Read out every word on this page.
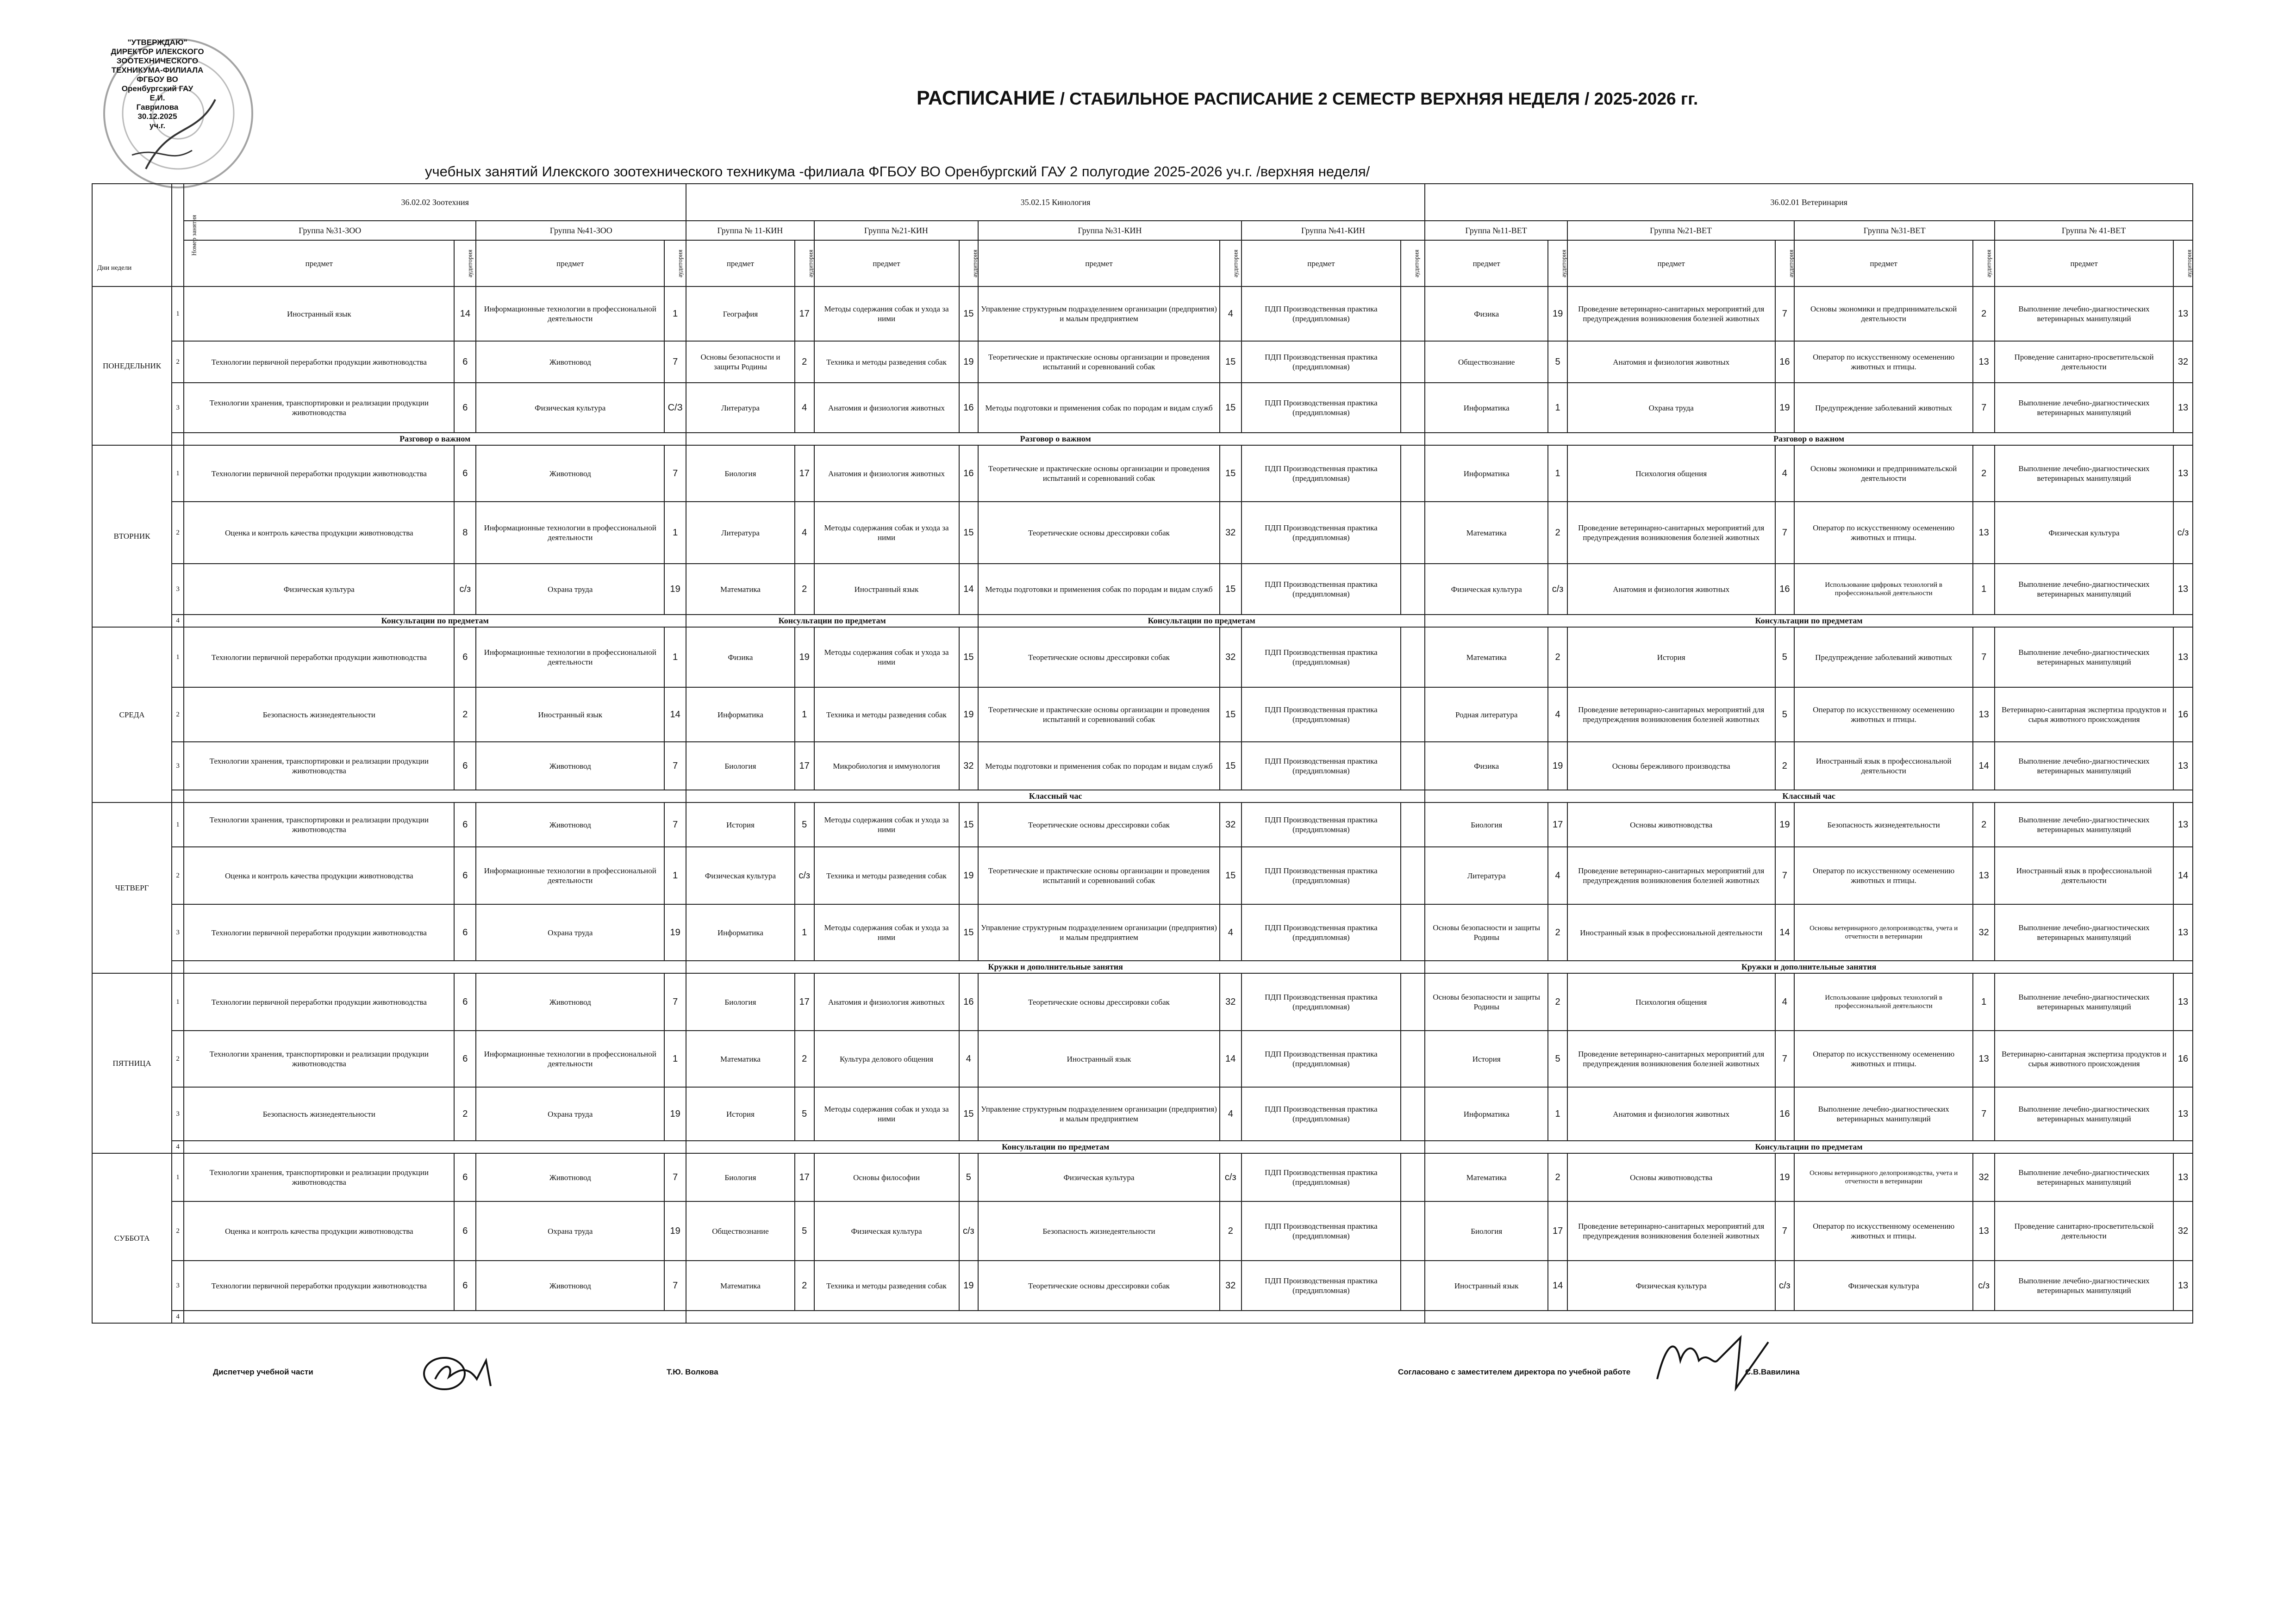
"УТВЕРЖДАЮ"
ДИРЕКТОР ИЛЕКСКОГО
ЗООТЕХНИЧЕСКОГО
ТЕХНИКУМА-ФИЛИАЛА
ФГБОУ ВО
Оренбургский ГАУ
Е.И.
Гаврилова
30.12.2025
уч.г.
РАСПИСАНИЕ / СТАБИЛЬНОЕ РАСПИСАНИЕ 2 СЕМЕСТР ВЕРХНЯЯ НЕДЕЛЯ / 2025-2026 гг.
учебных занятий Илекского зоотехнического техникума -филиала ФГБОУ ВО Оренбургский ГАУ 2 полугодие 2025-2026 уч.г. /верхняя неделя/
Дни недели	Номер занятия	36.02.02 Зоотехния				35.02.15 Кинология								36.02.01 Ветеринария							
		Группа №31-ЗОО		Группа №41-ЗОО		Группа № 11-КИН		Группа №21-КИН		Группа №31-КИН		Группа №41-КИН		Группа №11-ВЕТ		Группа №21-ВЕТ		Группа №31-ВЕТ		Группа № 41-ВЕТ	
		предмет	аудитория	предмет	аудитория	предмет	аудитория	предмет	аудитория	предмет	аудитория	предмет	аудитория	предмет	аудитория	предмет	аудитория	предмет	аудитория	предмет	аудитория
ПОНЕДЕЛЬНИК	1	Иностранный язык	14	Информационные технологии в профессиональной деятельности	1	География	17	Методы содержания собак и ухода за ними	15	Управление структурным подразделением организации (предприятия) и малым предприятием	4	ПДП Производственная практика (преддипломная)		Физика	19	Проведение ветеринарно-санитарных мероприятий для предупреждения возникновения болезней животных	7	Основы экономики и предпринимательской деятельности	2	Выполнение лечебно-диагностических ветеринарных манипуляций	13
	2	Технологии первичной переработки продукции животноводства	6	Животновод	7	Основы безопасности и защиты Родины	2	Техника и методы разведения собак	19	Теоретические и практические основы организации и проведения испытаний и соревнований собак	15	ПДП Производственная практика (преддипломная)		Обществознание	5	Анатомия и физиология животных	16	Оператор по искусственному осеменению животных и птицы.	13	Проведение санитарно-просветительской деятельности	32
	3	Технологии хранения, транспортировки и реализации продукции животноводства	6	Физическая культура	С/З	Литература	4	Анатомия и физиология животных	16	Методы подготовки и применения собак по породам и видам служб	15	ПДП Производственная практика (преддипломная)		Информатика	1	Охрана труда	19	Предупреждение заболеваний животных	7	Выполнение лечебно-диагностических ветеринарных манипуляций	13
		Разговор о важном				Разговор о важном								Разговор о важном							
ВТОРНИК	1	Технологии первичной переработки продукции животноводства	6	Животновод	7	Биология	17	Анатомия и физиология животных	16	Теоретические и практические основы организации и проведения испытаний и соревнований собак	15	ПДП Производственная практика (преддипломная)		Информатика	1	Психология общения	4	Основы экономики и предпринимательской деятельности	2	Выполнение лечебно-диагностических ветеринарных манипуляций	13
	2	Оценка и контроль качества продукции животноводства	8	Информационные технологии в профессиональной деятельности	1	Литература	4	Методы содержания собак и ухода за ними	15	Теоретические основы дрессировки собак	32	ПДП Производственная практика (преддипломная)		Математика	2	Проведение ветеринарно-санитарных мероприятий для предупреждения возникновения болезней животных	7	Оператор по искусственному осеменению животных и птицы.	13	Физическая культура	с/з
	3	Физическая культура	с/з	Охрана труда	19	Математика	2	Иностранный язык	14	Методы подготовки и применения собак по породам и видам служб	15	ПДП Производственная практика (преддипломная)		Физическая культура	с/з	Анатомия и физиология животных	16	Использование цифровых технологий в профессиональной деятельности	1	Выполнение лечебно-диагностических ветеринарных манипуляций	13
	4	Консультации по предметам				Консультации по предметам				Консультации по предметам				Консультации по предметам							
СРЕДА	1	Технологии первичной переработки продукции животноводства	6	Информационные технологии в профессиональной деятельности	1	Физика	19	Методы содержания собак и ухода за ними	15	Теоретические основы дрессировки собак	32	ПДП Производственная практика (преддипломная)		Математика	2	История	5	Предупреждение заболеваний животных	7	Выполнение лечебно-диагностических ветеринарных манипуляций	13
	2	Безопасность жизнедеятельности	2	Иностранный язык	14	Информатика	1	Техника и методы разведения собак	19	Теоретические и практические основы организации и проведения испытаний и соревнований собак	15	ПДП Производственная практика (преддипломная)		Родная литература	4	Проведение ветеринарно-санитарных мероприятий для предупреждения возникновения болезней животных	5	Оператор по искусственному осеменению животных и птицы.	13	Ветеринарно-санитарная экспертиза продуктов и сырья животного происхождения	16
	3	Технологии хранения, транспортировки и реализации продукции животноводства	6	Животновод	7	Биология	17	Микробиология и иммунология	32	Методы подготовки и применения собак по породам и видам служб	15	ПДП Производственная практика (преддипломная)		Физика	19	Основы бережливого производства	2	Иностранный язык в профессиональной деятельности	14	Выполнение лечебно-диагностических ветеринарных манипуляций	13
						Классный час								Классный час							
ЧЕТВЕРГ	1	Технологии хранения, транспортировки и реализации продукции животноводства	6	Животновод	7	История	5	Методы содержания собак и ухода за ними	15	Теоретические основы дрессировки собак	32	ПДП Производственная практика (преддипломная)		Биология	17	Основы животноводства	19	Безопасность жизнедеятельности	2	Выполнение лечебно-диагностических ветеринарных манипуляций	13
	2	Оценка и контроль качества продукции животноводства	6	Информационные технологии в профессиональной деятельности	1	Физическая культура	с/з	Техника и методы разведения собак	19	Теоретические и практические основы организации и проведения испытаний и соревнований собак	15	ПДП Производственная практика (преддипломная)		Литература	4	Проведение ветеринарно-санитарных мероприятий для предупреждения возникновения болезней животных	7	Оператор по искусственному осеменению животных и птицы.	13	Иностранный язык в профессиональной деятельности	14
	3	Технологии первичной переработки продукции животноводства	6	Охрана труда	19	Информатика	1	Методы содержания собак и ухода за ними	15	Управление структурным подразделением организации (предприятия) и малым предприятием	4	ПДП Производственная практика (преддипломная)		Основы безопасности и защиты Родины	2	Иностранный язык в профессиональной деятельности	14	Основы ветеринарного делопроизводства, учета и отчетности в ветеринарии	32	Выполнение лечебно-диагностических ветеринарных манипуляций	13
						Кружки и дополнительные занятия								Кружки и дополнительные занятия							
ПЯТНИЦА	1	Технологии первичной переработки продукции животноводства	6	Животновод	7	Биология	17	Анатомия и физиология животных	16	Теоретические основы дрессировки собак	32	ПДП Производственная практика (преддипломная)		Основы безопасности и защиты Родины	2	Психология общения	4	Использование цифровых технологий в профессиональной деятельности	1	Выполнение лечебно-диагностических ветеринарных манипуляций	13
	2	Технологии хранения, транспортировки и реализации продукции животноводства	6	Информационные технологии в профессиональной деятельности	1	Математика	2	Культура делового общения	4	Иностранный язык	14	ПДП Производственная практика (преддипломная)		История	5	Проведение ветеринарно-санитарных мероприятий для предупреждения возникновения болезней животных	7	Оператор по искусственному осеменению животных и птицы.	13	Ветеринарно-санитарная экспертиза продуктов и сырья животного происхождения	16
	3	Безопасность жизнедеятельности	2	Охрана труда	19	История	5	Методы содержания собак и ухода за ними	15	Управление структурным подразделением организации (предприятия) и малым предприятием	4	ПДП Производственная практика (преддипломная)		Информатика	1	Анатомия и физиология животных	16	Выполнение лечебно-диагностических ветеринарных манипуляций	7	Выполнение лечебно-диагностических ветеринарных манипуляций	13
	4					Консультации по предметам								Консультации по предметам							
СУББОТА	1	Технологии хранения, транспортировки и реализации продукции животноводства	6	Животновод	7	Биология	17	Основы философии	5	Физическая культура	с/з	ПДП Производственная практика (преддипломная)		Математика	2	Основы животноводства	19	Основы ветеринарного делопроизводства, учета и отчетности в ветеринарии	32	Выполнение лечебно-диагностических ветеринарных манипуляций	13
	2	Оценка и контроль качества продукции животноводства	6	Охрана труда	19	Обществознание	5	Физическая культура	с/з	Безопасность жизнедеятельности	2	ПДП Производственная практика (преддипломная)		Биология	17	Проведение ветеринарно-санитарных мероприятий для предупреждения возникновения болезней животных	7	Оператор по искусственному осеменению животных и птицы.	13	Проведение санитарно-просветительской деятельности	32
	3	Технологии первичной переработки продукции животноводства	6	Животновод	7	Математика	2	Техника и методы разведения собак	19	Теоретические основы дрессировки собак	32	ПДП Производственная практика (преддипломная)		Иностранный язык	14	Физическая культура	с/з	Физическая культура	с/з	Выполнение лечебно-диагностических ветеринарных манипуляций	13
	4																				
Диспетчер учебной части	Т.Ю. Волкова	Согласовано с заместителем директора по учебной работе	С.В.Вавилина
